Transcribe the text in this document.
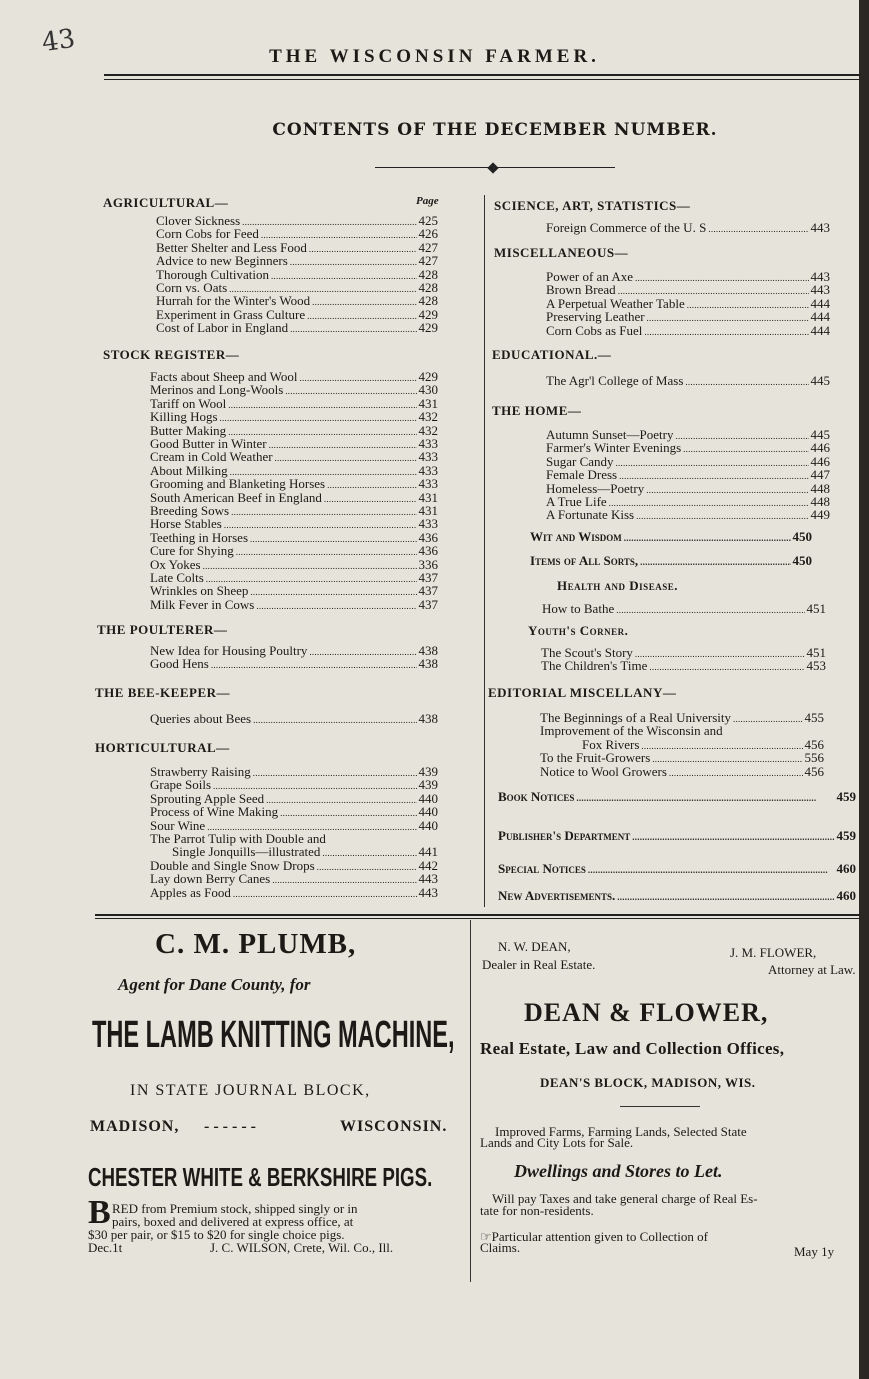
43	THE WISCONSIN FARMER.
CONTENTS OF THE DECEMBER NUMBER.
Page
AGRICULTURAL—
Clover Sickness . . .	425
Corn Cobs for Feed . . .	426
Better Shelter and Less Food . . .	427
Advice to new Beginners . . .	427
Thorough Cultivation . . .	428
Corn vs. Oats . . .	428
Hurrah for the Winter's Wood . . .	428
Experiment in Grass Culture . . .	429
Cost of Labor in England . . .	429
STOCK REGISTER—
Facts about Sheep and Wool . . .	429
Merinos and Long-Wools . . .	430
Tariff on Wool . . .	431
Killing Hogs . . .	432
Butter Making . . .	432
Good Butter in Winter . . .	433
Cream in Cold Weather . . .	433
About Milking . . .	433
Grooming and Blanketing Horses . . .	433
South American Beef in England . . .	431
Breeding Sows . . .	431
Horse Stables . . .	433
Teething in Horses . . .	436
Cure for Shying . . .	436
Ox Yokes . . .	336
Late Colts . . .	437
Wrinkles on Sheep . . .	437
Milk Fever in Cows . . .	437
THE POULTERER—
New Idea for Housing Poultry . . .	438
Good Hens . . .	438
THE BEE-KEEPER—
Queries about Bees . . .	438
HORTICULTURAL—
Strawberry Raising . . .	439
Grape Soils . . .	439
Sprouting Apple Seed . . .	440
Process of Wine Making . . .	440
Sour Wine . . .	440
The Parrot Tulip with Double and
Single Jonquills—illustrated . . .	441
Double and Single Snow Drops . . .	442
Lay down Berry Canes . . .	443
Apples as Food . . .	443
SCIENCE, ART, STATISTICS—
Foreign Commerce of the U. S . . .	443
MISCELLANEOUS—
Power of an Axe . . .	443
Brown Bread . . .	443
A Perpetual Weather Table . . .	444
Preserving Leather . . .	444
Corn Cobs as Fuel . . .	444
EDUCATIONAL.—
The Agr'l College of Mass . . .	445
THE HOME—
Autumn Sunset—Poetry . . .	445
Farmer's Winter Evenings . . .	446
Sugar Candy . . .	446
Female Dress . . .	447
Homeless—Poetry . . .	448
A True Life . . .	448
A Fortunate Kiss . . .	449
Wit and Wisdom . . .	450
Items of All Sorts, . . .	450
Health and Disease.
How to Bathe . . .	451
Youth's Corner.
The Scout's Story . . .	451
The Children's Time . . .	453
EDITORIAL MISCELLANY—
The Beginnings of a Real University . . .	455
Improvement of the Wisconsin and
Fox Rivers . . .	456
To the Fruit-Growers . . .	556
Notice to Wool Growers . . .	456
Book Notices . . .	459
Publisher's Department . . .	459
Special Notices . . .	460
New Advertisements. . . .	460
C. M. PLUMB,
Agent for Dane County, for
THE LAMB KNITTING MACHINE,
IN STATE JOURNAL BLOCK,
MADISON, - - - - - -	WISCONSIN.
CHESTER WHITE & BERKSHIRE PIGS.
B RED from Premium stock, shipped singly or in
pairs, boxed and delivered at express office, at
$30 per pair, or $15 to $20 for single choice pigs.
Dec.1t	J. C. WILSON, Crete, Wil. Co., Ill.
N. W. DEAN,
Dealer in Real Estate.
J. M. FLOWER,
Attorney at Law.
DEAN & FLOWER,
Real Estate, Law and Collection Offices,
DEAN'S BLOCK, MADISON, WIS.
Improved Farms, Farming Lands, Selected State
Lands and City Lots for Sale.
Dwellings and Stores to Let.
Will pay Taxes and take general charge of Real Es-
tate for non-residents.
☞Particular attention given to Collection of
Claims.	May 1y
